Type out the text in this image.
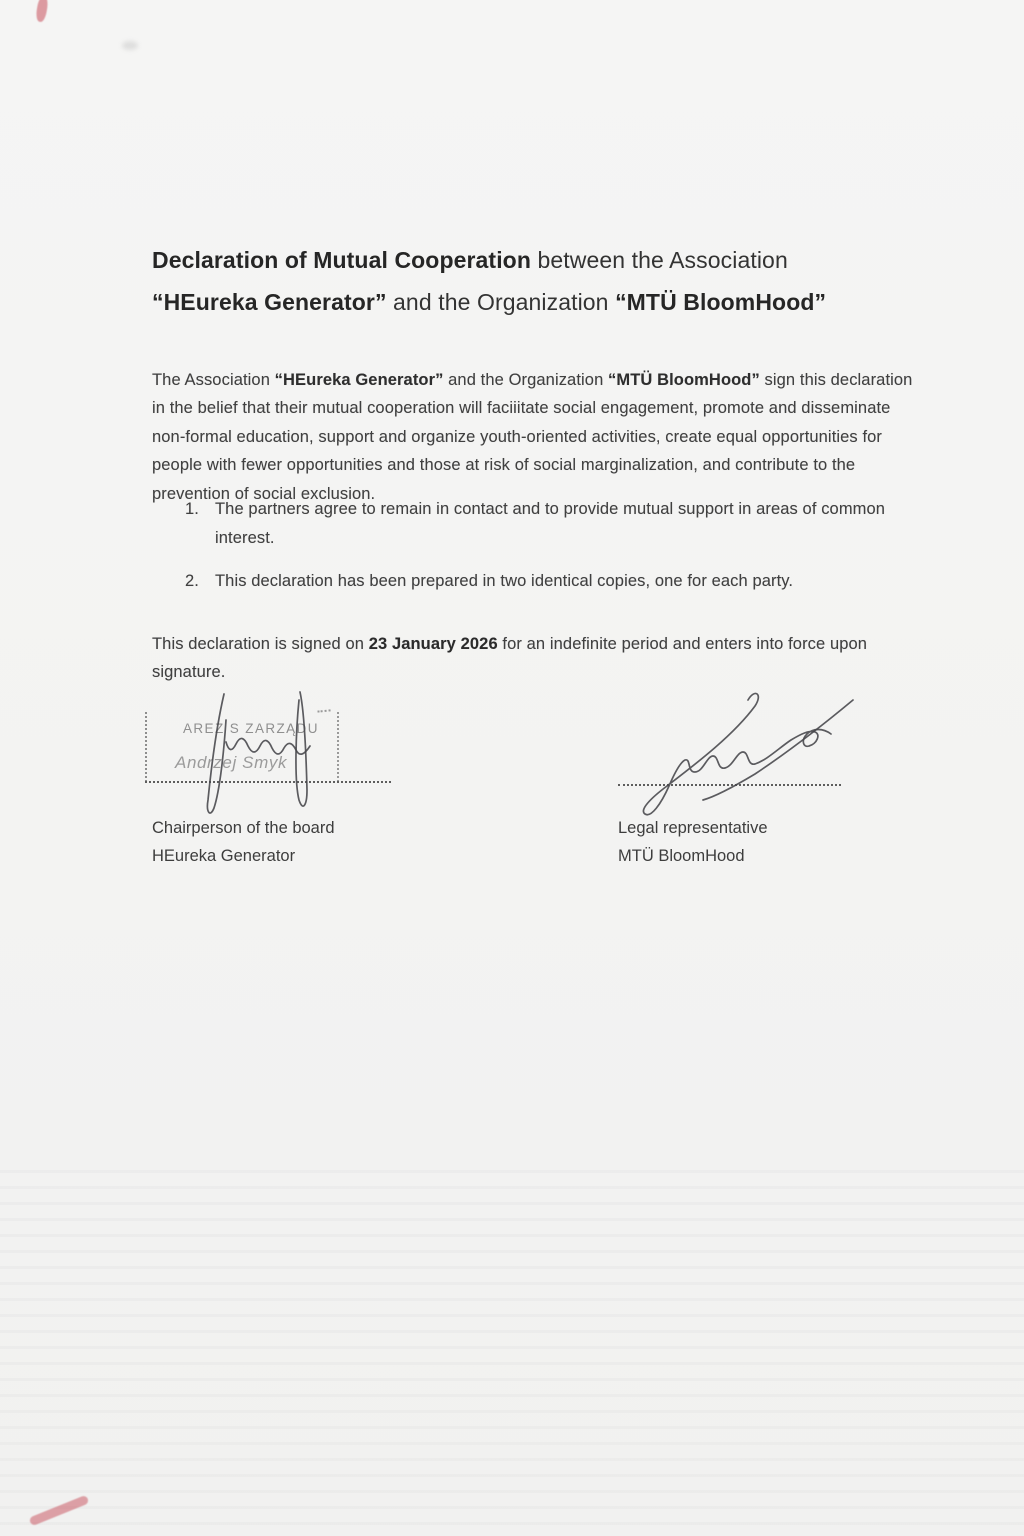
Declaration of Mutual Cooperation between the Association
“HEureka Generator” and the Organization “MTÜ BloomHood”

The Association “HEureka Generator” and the Organization “MTÜ BloomHood” sign this declaration in the belief that their mutual cooperation will faciiitate social engagement, promote and disseminate non-formal education, support and organize youth-oriented activities, create equal opportunities for people with fewer opportunities and those at risk of social marginalization, and contribute to the prevention of social exclusion.

1. The partners agree to remain in contact and to provide mutual support in areas of common interest.
2. This declaration has been prepared in two identical copies, one for each party.

This declaration is signed on 23 January 2026 for an indefinite period and enters into force upon signature.

AREZ S ZARZĄDU
Andrzej Smyk
Chairperson of the board
HEureka Generator
Legal representative
MTÜ BloomHood
